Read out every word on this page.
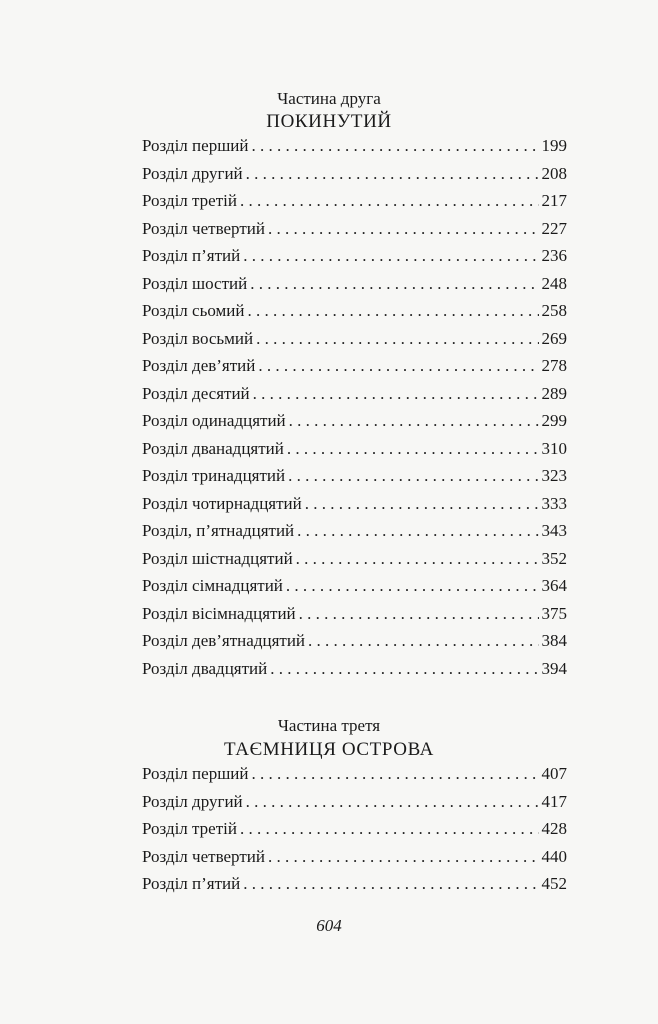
Частина друга
ПОКИНУТИЙ
Розділ перший . . .	199
Розділ другий . . .	208
Розділ третій . . .	217
Розділ четвертий . . .	227
Розділ п’ятий . . .	236
Розділ шостий . . .	248
Розділ сьомий . . .	258
Розділ восьмий . . .	269
Розділ дев’ятий . . .	278
Розділ десятий . . .	289
Розділ одинадцятий . . .	299
Розділ дванадцятий . . .	310
Розділ тринадцятий . . .	323
Розділ чотирнадцятий . . .	333
Розділ, п’ятнадцятий . . .	343
Розділ шістнадцятий . . .	352
Розділ сімнадцятий . . .	364
Розділ вісімнадцятий . . .	375
Розділ дев’ятнадцятий . . .	384
Розділ двадцятий . . .	394
Частина третя
ТАЄМНИЦЯ ОСТРОВА
Розділ перший . . .	407
Розділ другий . . .	417
Розділ третій . . .	428
Розділ четвертий . . .	440
Розділ п’ятий . . .	452
604
